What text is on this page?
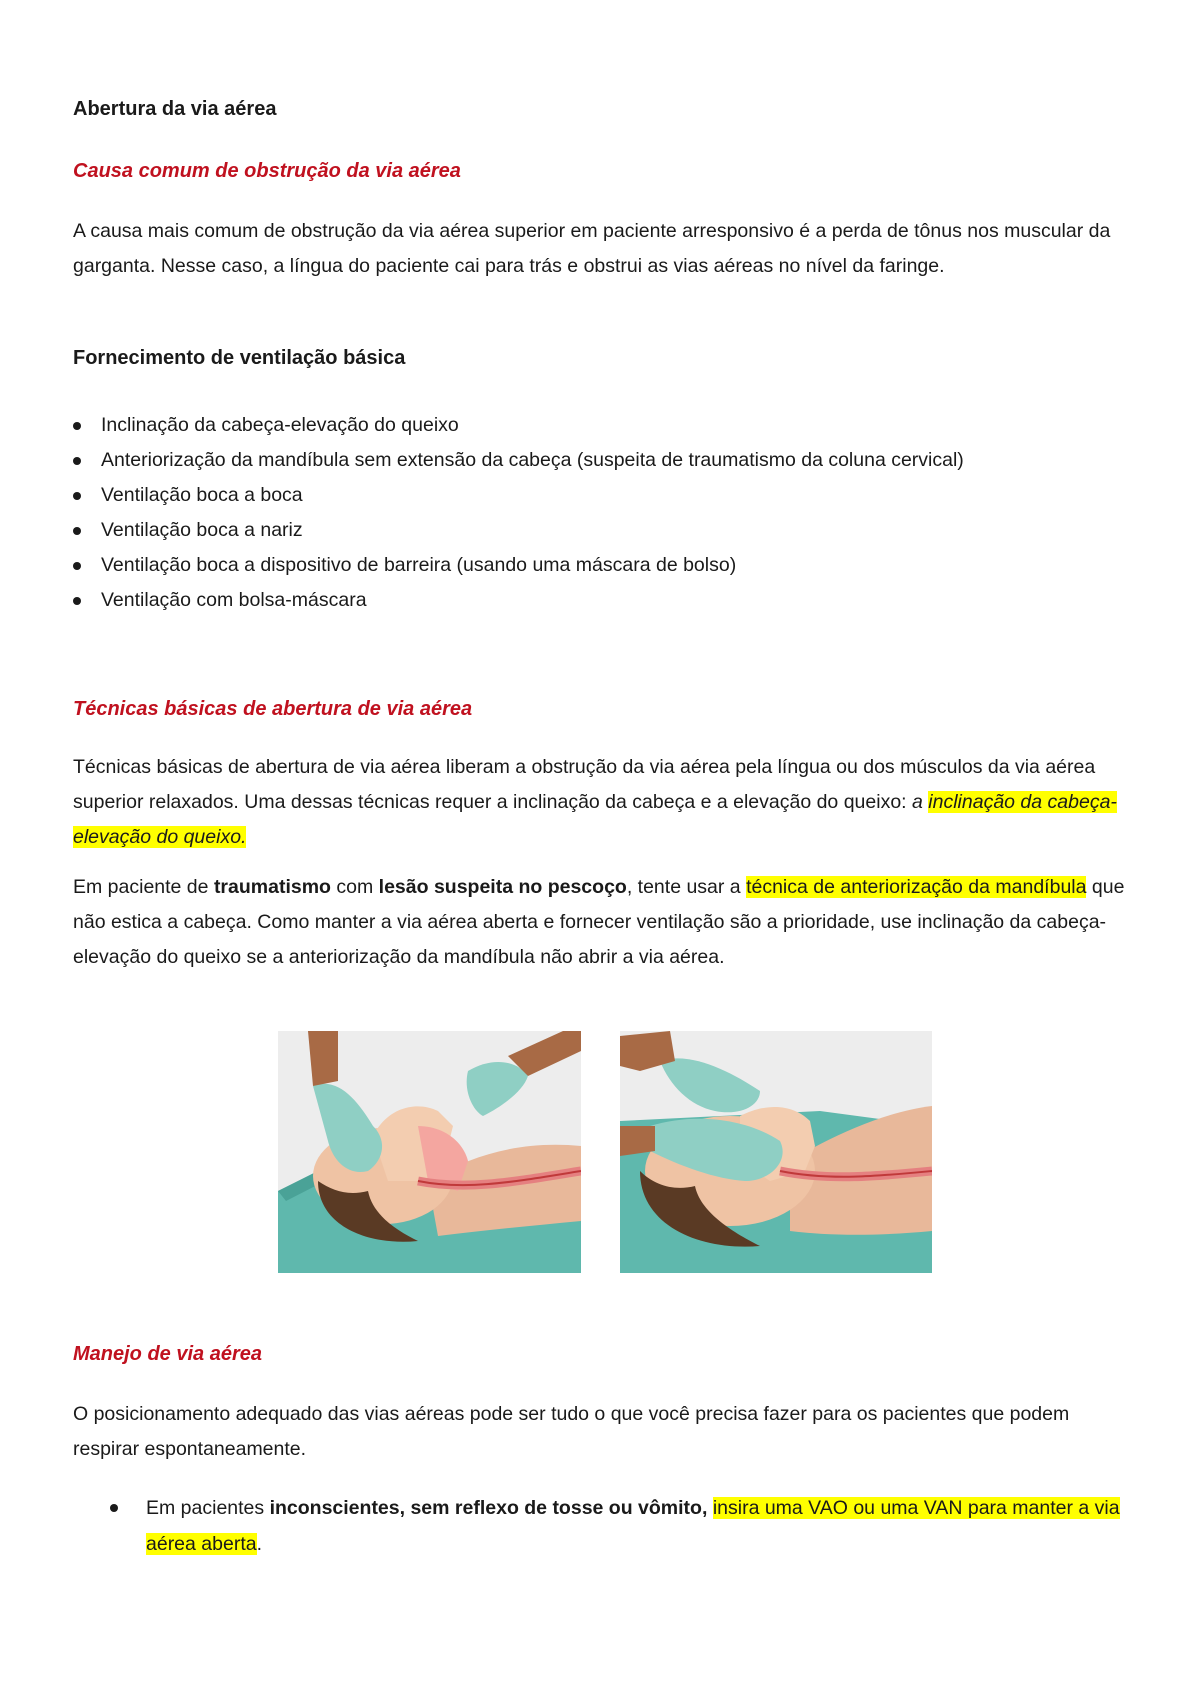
Abertura da via aérea

Causa comum de obstrução da via aérea

A causa mais comum de obstrução da via aérea superior em paciente arresponsivo é a perda de tônus nos muscular da garganta. Nesse caso, a língua do paciente cai para trás e obstrui as vias aéreas no nível da faringe.

Fornecimento de ventilação básica

Inclinação da cabeça-elevação do queixo
Anteriorização da mandíbula sem extensão da cabeça (suspeita de traumatismo da coluna cervical)
Ventilação boca a boca
Ventilação boca a nariz
Ventilação boca a dispositivo de barreira (usando uma máscara de bolso)
Ventilação com bolsa-máscara

Técnicas básicas de abertura de via aérea

Técnicas básicas de abertura de via aérea liberam a obstrução da via aérea pela língua ou dos músculos da via aérea superior relaxados. Uma dessas técnicas requer a inclinação da cabeça e a elevação do queixo: a inclinação da cabeça-elevação do queixo.

Em paciente de traumatismo com lesão suspeita no pescoço, tente usar a técnica de anteriorização da mandíbula que não estica a cabeça. Como manter a via aérea aberta e fornecer ventilação são a prioridade, use inclinação da cabeça- elevação do queixo se a anteriorização da mandíbula não abrir a via aérea.

Manejo de via aérea

O posicionamento adequado das vias aéreas pode ser tudo o que você precisa fazer para os pacientes que podem respirar espontaneamente.

Em pacientes inconscientes, sem reflexo de tosse ou vômito, insira uma VAO ou uma VAN para manter a via aérea aberta.
